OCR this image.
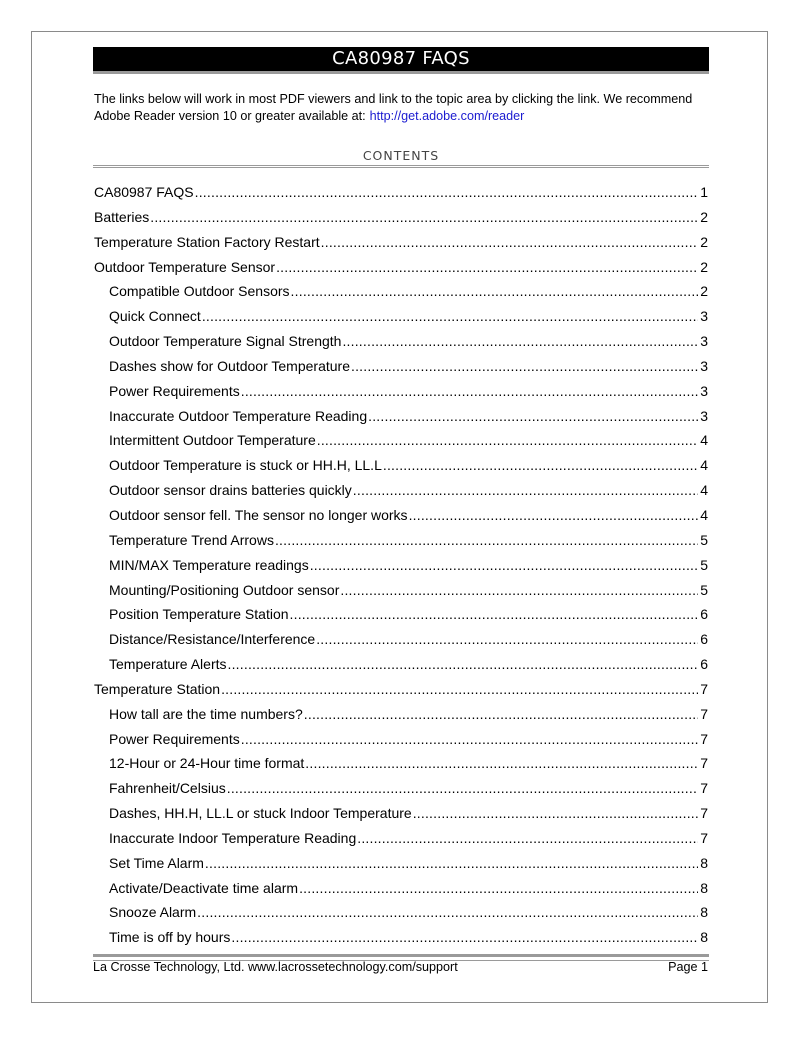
CA80987 FAQS
The links below will work in most PDF viewers and link to the topic area by clicking the link. We recommend Adobe Reader version 10 or greater available at: http://get.adobe.com/reader
CONTENTS
CA80987 FAQS .....	1
Batteries .....	2
Temperature Station Factory Restart .....	2
Outdoor Temperature Sensor .....	2
Compatible Outdoor Sensors .....	2
Quick Connect .....	3
Outdoor Temperature Signal Strength .....	3
Dashes show for Outdoor Temperature .....	3
Power Requirements .....	3
Inaccurate Outdoor Temperature Reading .....	3
Intermittent Outdoor Temperature .....	4
Outdoor Temperature is stuck or HH.H, LL.L .....	4
Outdoor sensor drains batteries quickly .....	4
Outdoor sensor fell. The sensor no longer works .....	4
Temperature Trend Arrows .....	5
MIN/MAX Temperature readings .....	5
Mounting/Positioning Outdoor sensor .....	5
Position Temperature Station .....	6
Distance/Resistance/Interference .....	6
Temperature Alerts .....	6
Temperature Station .....	7
How tall are the time numbers? .....	7
Power Requirements .....	7
12-Hour or 24-Hour time format .....	7
Fahrenheit/Celsius .....	7
Dashes, HH.H, LL.L or stuck Indoor Temperature .....	7
Inaccurate Indoor Temperature Reading .....	7
Set Time Alarm .....	8
Activate/Deactivate time alarm .....	8
Snooze Alarm .....	8
Time is off by hours .....	8
La Crosse Technology, Ltd. www.lacrossetechnology.com/support	Page 1
